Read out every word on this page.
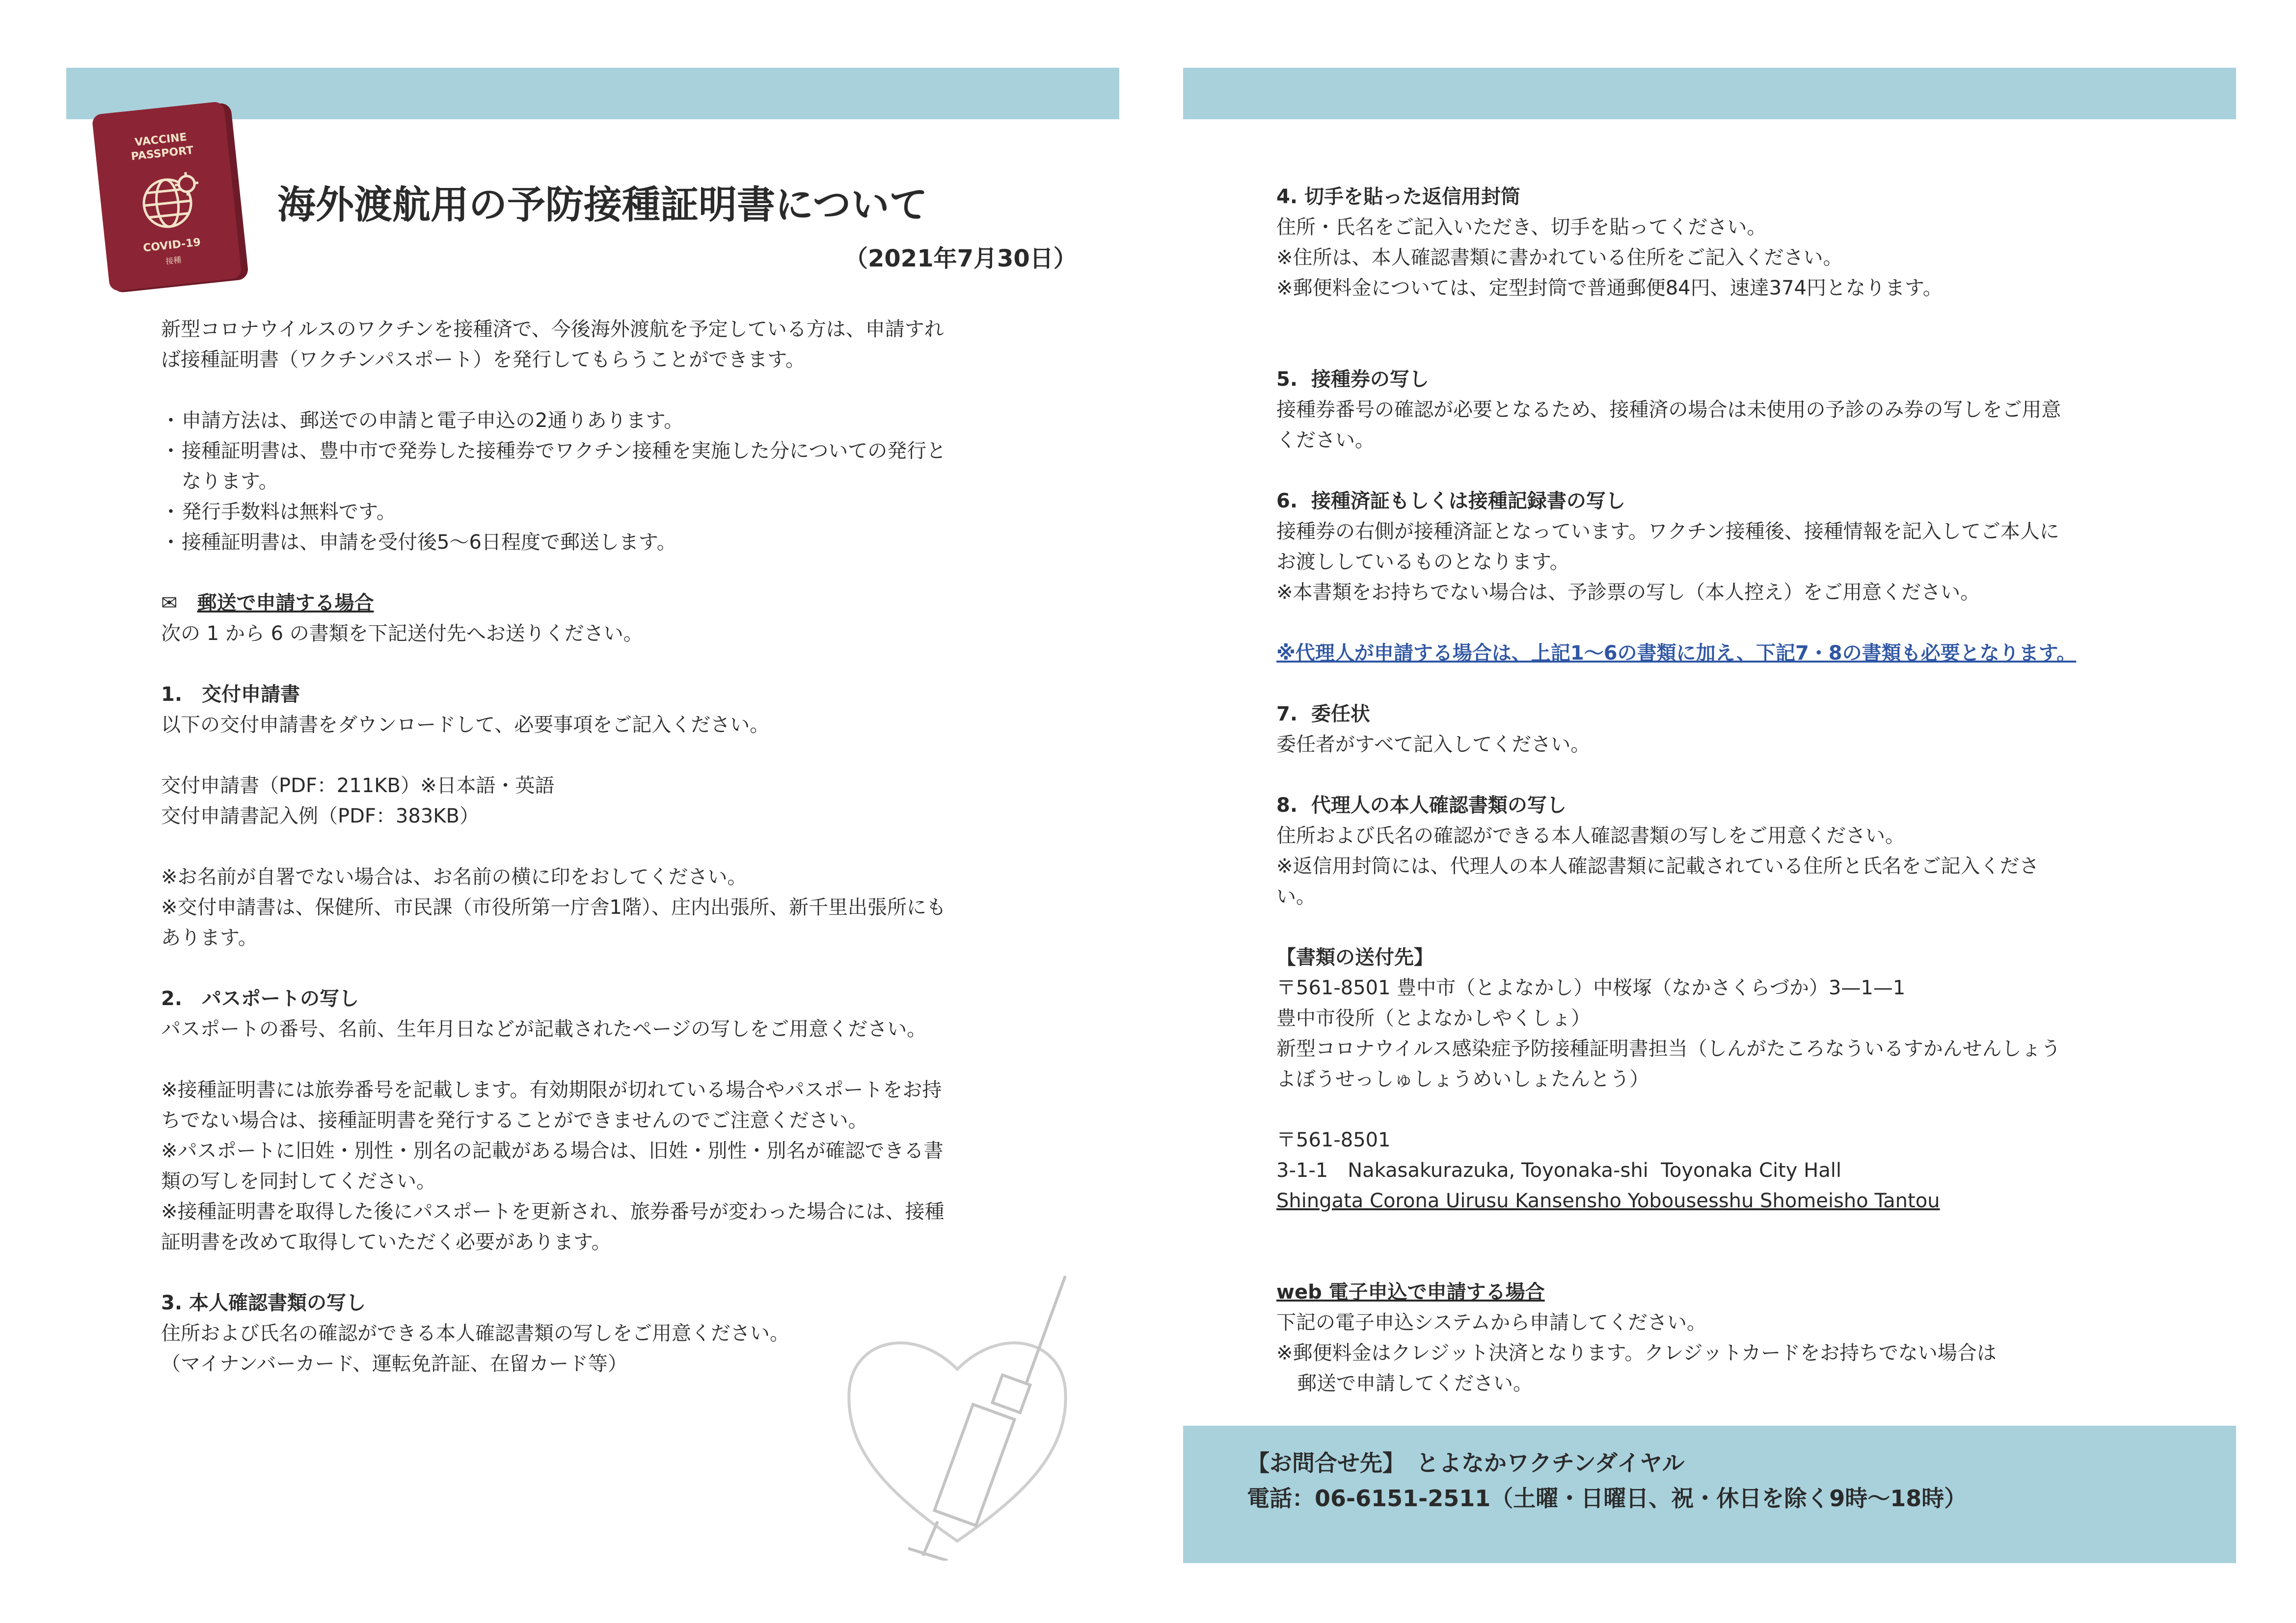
VACCINE
PASSPORT
COVID-19
接種
海外渡航用の予防接種証明書について

（2021年7月30日）

新型コロナウイルスのワクチンを接種済で、今後海外渡航を予定している方は、申請すれ

ば接種証明書（ワクチンパスポート）を発行してもらうことができます。

・ 申請方法は、郵送での申請と電子申込の2通りあります。

・ 接種証明書は、豊中市で発券した接種券でワクチン接種を実施した分についての発行と

なります。

・ 発行手数料は無料です。

・ 接種証明書は、申請を受付後5〜6日程度で郵送します。

✉　 郵送で申請する場合

次の 1 から 6 の書類を下記送付先へお送りください。

1.　交付申請書

以下の交付申請書をダウンロードして、必要事項をご記入ください。

交付申請書（PDF：211KB）※日本語・英語

交付申請書記入例（PDF：383KB）

※お名前が自署でない場合は、お名前の横に印をおしてください。

※交付申請書は、保健所、市民課（市役所第一庁舎1階）、庄内出張所、新千里出張所にも

あります。

2.　パスポートの写し

パスポートの番号、名前、生年月日などが記載されたページの写しをご用意ください。

※接種証明書には旅券番号を記載します。有効期限が切れている場合やパスポートをお持

ちでない場合は、接種証明書を発行することができませんのでご注意ください。

※パスポートに旧姓・別性・別名の記載がある場合は、旧姓・別性・別名が確認できる書

類の写しを同封してください。

※接種証明書を取得した後にパスポートを更新され、旅券番号が変わった場合には、接種

証明書を改めて取得していただく必要があります。

3. 本人確認書類の写し

住所および氏名の確認ができる本人確認書類の写しをご用意ください。

（マイナンバーカード、運転免許証、在留カード等）

4. 切手を貼った返信用封筒

住所・氏名をご記入いただき、切手を貼ってください。

※住所は、本人確認書類に書かれている住所をご記入ください。

※郵便料金については、定型封筒で普通郵便84円、速達374円となります。

5.  接種券の写し

接種券番号の確認が必要となるため、接種済の場合は未使用の予診のみ券の写しをご用意

ください。

6.  接種済証もしくは接種記録書の写し

接種券の右側が接種済証となっています。ワクチン接種後、接種情報を記入してご本人に

お渡ししているものとなります。

※本書類をお持ちでない場合は、予診票の写し（本人控え）をご用意ください。

※代理人が申請する場合は、上記1〜6の書類に加え、下記7・8の書類も必要となります。

7.  委任状

委任者がすべて記入してください。

8.  代理人の本人確認書類の写し

住所および氏名の確認ができる本人確認書類の写しをご用意ください。

※返信用封筒には、代理人の本人確認書類に記載されている住所と氏名をご記入くださ

い。

【書類の送付先】

〒561-8501 豊中市（とよなかし）中桜塚（なかさくらづか）3—1—1

豊中市役所（とよなかしやくしょ）

新型コロナウイルス感染症予防接種証明書担当（しんがたころなういるすかんせんしょう

よぼうせっしゅしょうめいしょたんとう）

〒561-8501

3-1-1　Nakasakurazuka, Toyonaka-shi  Toyonaka City Hall

Shingata Corona Uirusu Kansensho Yobousesshu Shomeisho Tantou

web 電子申込で申請する場合

下記の電子申込システムから申請してください。

※郵便料金はクレジット決済となります。クレジットカードをお持ちでない場合は

郵送で申請してください。

【お問合せ先】　とよなかワクチンダイヤル

電話：06-6151-2511（土曜・日曜日、祝・休日を除く9時〜18時）
